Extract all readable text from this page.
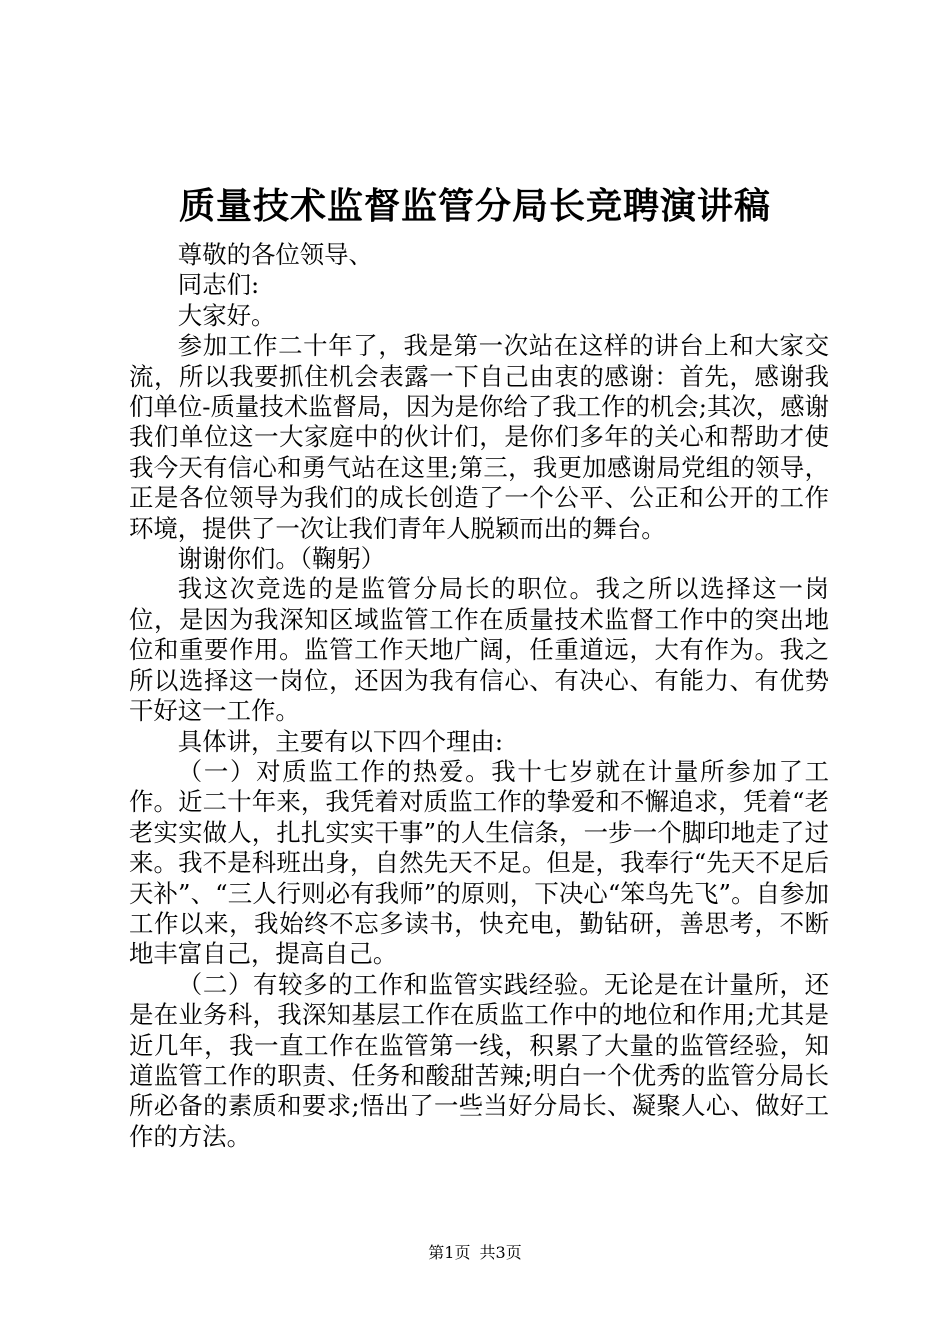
质量技术监督监管分局长竞聘演讲稿

尊敬的各位领导、

同志们:

大家好。

参加工作二十年了，我是第一次站在这样的讲台上和大家交流，所以我要抓住机会表露一下自己由衷的感谢：首先，感谢我们单位-质量技术监督局，因为是你给了我工作的机会;其次，感谢我们单位这一大家庭中的伙计们，是你们多年的关心和帮助才使我今天有信心和勇气站在这里;第三，我更加感谢局党组的领导，正是各位领导为我们的成长创造了一个公平、公正和公开的工作环境，提供了一次让我们青年人脱颖而出的舞台。

谢谢你们。（鞠躬）

我这次竞选的是监管分局长的职位。我之所以选择这一岗位，是因为我深知区域监管工作在质量技术监督工作中的突出地位和重要作用。监管工作天地广阔，任重道远，大有作为。我之所以选择这一岗位，还因为我有信心、有决心、有能力、有优势干好这一工作。

具体讲，主要有以下四个理由:

（一）对质监工作的热爱。我十七岁就在计量所参加了工作。近二十年来，我凭着对质监工作的挚爱和不懈追求，凭着“老老实实做人，扎扎实实干事”的人生信条，一步一个脚印地走了过来。我不是科班出身，自然先天不足。但是，我奉行“先天不足后天补”、“三人行则必有我师”的原则，下决心“笨鸟先飞”。自参加工作以来，我始终不忘多读书，快充电，勤钻研，善思考，不断地丰富自己，提高自己。

（二）有较多的工作和监管实践经验。无论是在计量所，还是在业务科，我深知基层工作在质监工作中的地位和作用;尤其是近几年，我一直工作在监管第一线，积累了大量的监管经验，知道监管工作的职责、任务和酸甜苦辣;明白一个优秀的监管分局长所必备的素质和要求;悟出了一些当好分局长、凝聚人心、做好工作的方法。

第1页 共3页
